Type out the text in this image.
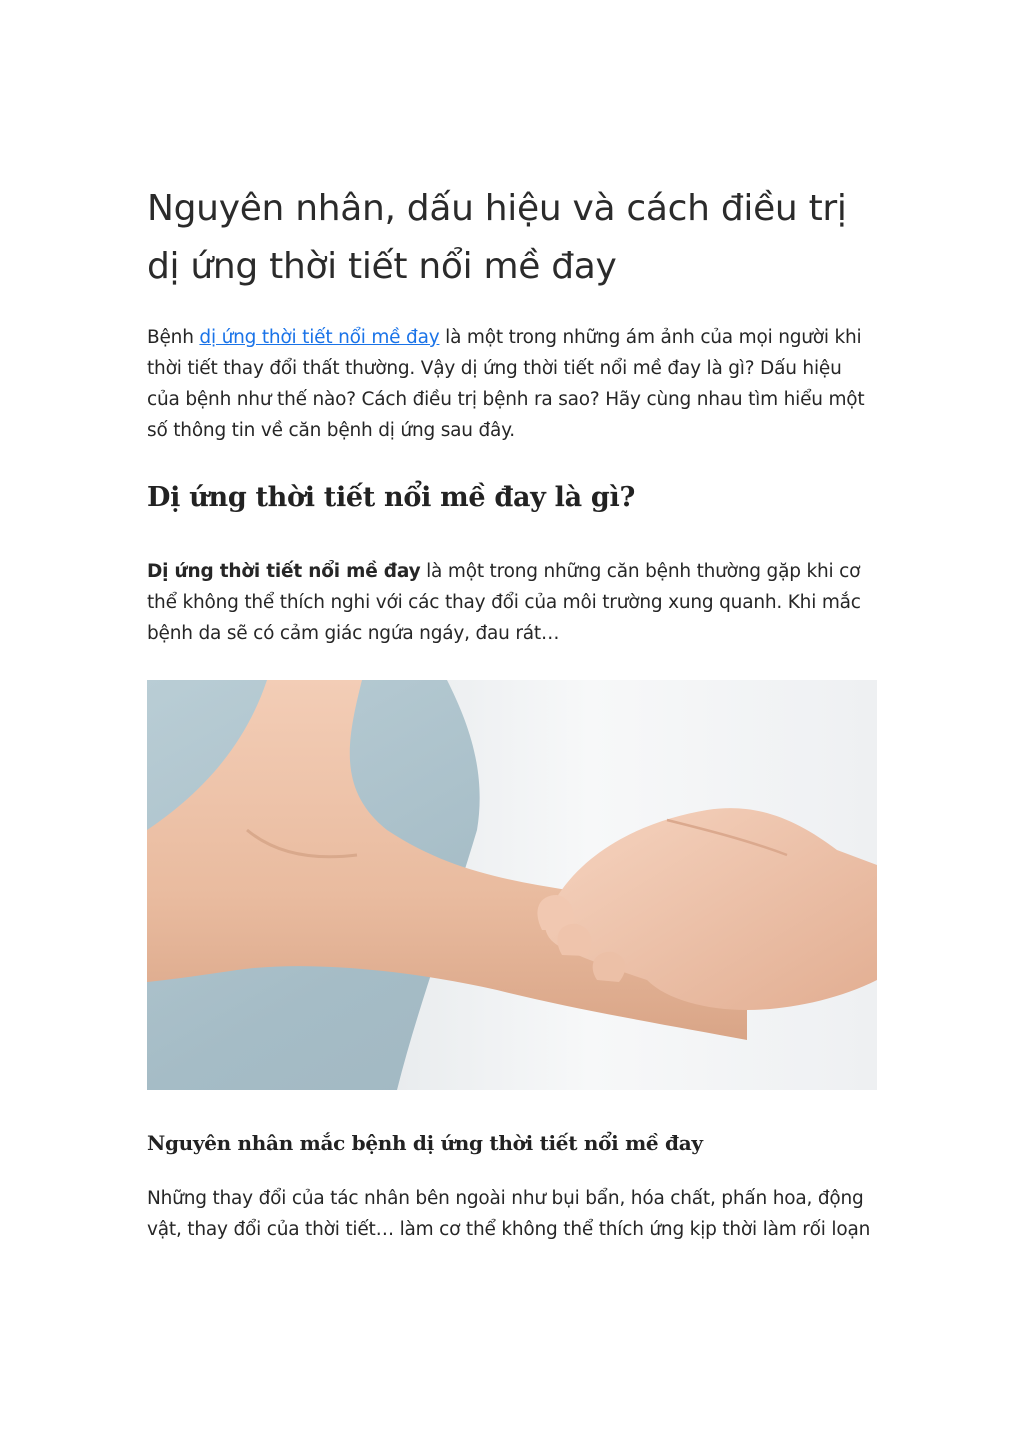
Nguyên nhân, dấu hiệu và cách điều trị dị ứng thời tiết nổi mề đay

Bệnh dị ứng thời tiết nổi mề đay là một trong những ám ảnh của mọi người khi thời tiết thay đổi thất thường. Vậy dị ứng thời tiết nổi mề đay là gì? Dấu hiệu của bệnh như thế nào? Cách điều trị bệnh ra sao? Hãy cùng nhau tìm hiểu một số thông tin về căn bệnh dị ứng sau đây.

Dị ứng thời tiết nổi mề đay là gì?

Dị ứng thời tiết nổi mề đay là một trong những căn bệnh thường gặp khi cơ thể không thể thích nghi với các thay đổi của môi trường xung quanh. Khi mắc bệnh da sẽ có cảm giác ngứa ngáy, đau rát…

Nguyên nhân mắc bệnh dị ứng thời tiết nổi mề đay

Những thay đổi của tác nhân bên ngoài như bụi bẩn, hóa chất, phấn hoa, động vật, thay đổi của thời tiết… làm cơ thể không thể thích ứng kịp thời làm rối loạn
